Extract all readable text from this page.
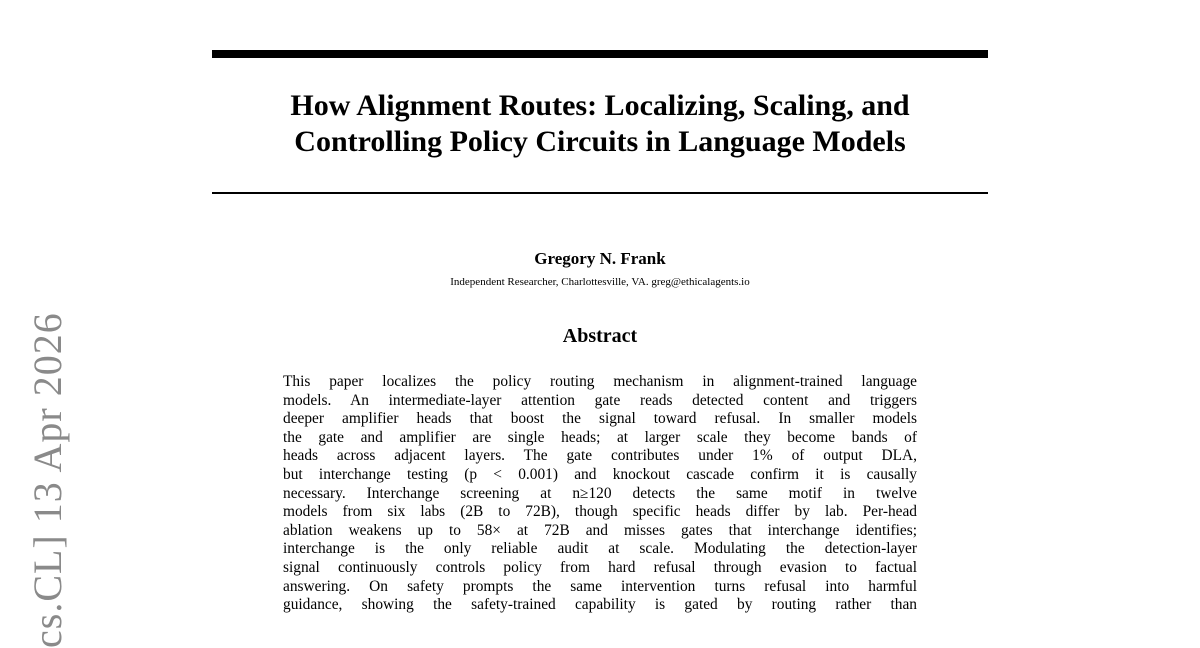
How Alignment Routes: Localizing, Scaling, and
Controlling Policy Circuits in Language Models
Gregory N. Frank
Independent Researcher, Charlottesville, VA. greg@ethicalagents.io
Abstract
This paper localizes the policy routing mechanism in alignment-trained language
models. An intermediate-layer attention gate reads detected content and triggers
deeper amplifier heads that boost the signal toward refusal. In smaller models
the gate and amplifier are single heads; at larger scale they become bands of
heads across adjacent layers. The gate contributes under 1% of output DLA,
but interchange testing (p < 0.001) and knockout cascade confirm it is causally
necessary. Interchange screening at n≥120 detects the same motif in twelve
models from six labs (2B to 72B), though specific heads differ by lab. Per-head
ablation weakens up to 58× at 72B and misses gates that interchange identifies;
interchange is the only reliable audit at scale. Modulating the detection-layer
signal continuously controls policy from hard refusal through evasion to factual
answering. On safety prompts the same intervention turns refusal into harmful
guidance, showing the safety-trained capability is gated by routing rather than
cs.CL] 13 Apr 2026
